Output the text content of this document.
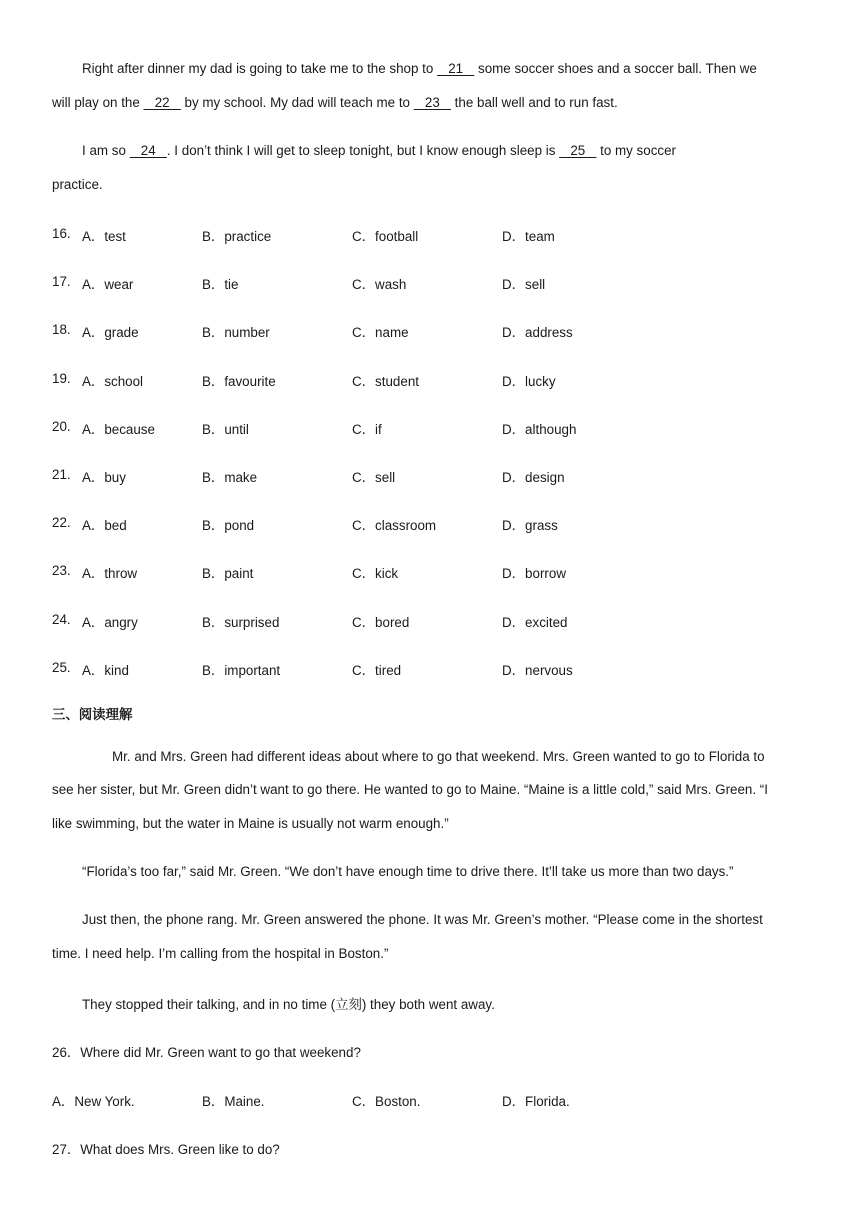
Right after dinner my dad is going to take me to the shop to    21    some soccer shoes and a soccer ball. Then we
will play on the    22    by my school. My dad will teach me to    23    the ball well and to run fast.
I am so    24   . I don’t think I will get to sleep tonight, but I know enough sleep is    25    to my soccer
practice.
16. A．test	B．practice	C．football	D．team
17. A．wear	B．tie	C．wash	D．sell
18. A．grade	B．number	C．name	D．address
19. A．school	B．favourite	C．student	D．lucky
20. A．because	B．until	C．if	D．although
21. A．buy	B．make	C．sell	D．design
22. A．bed	B．pond	C．classroom	D．grass
23. A．throw	B．paint	C．kick	D．borrow
24. A．angry	B．surprised	C．bored	D．excited
25. A．kind	B．important	C．tired	D．nervous
三、阅读理解
Mr. and Mrs. Green had different ideas about where to go that weekend. Mrs. Green wanted to go to Florida to
see her sister, but Mr. Green didn’t want to go there. He wanted to go to Maine. “Maine is a little cold,” said Mrs. Green. “I
like swimming, but the water in Maine is usually not warm enough.”
“Florida’s too far,” said Mr. Green. “We don’t have enough time to drive there. It’ll take us more than two days.”
Just then, the phone rang. Mr. Green answered the phone. It was Mr. Green’s mother. “Please come in the shortest
time. I need help. I’m calling from the hospital in Boston.”
They stopped their talking, and in no time (立刻) they both went away.
26．Where did Mr. Green want to go that weekend?
A．New York.	B．Maine.	C．Boston.	D．Florida.
27．What does Mrs. Green like to do?
